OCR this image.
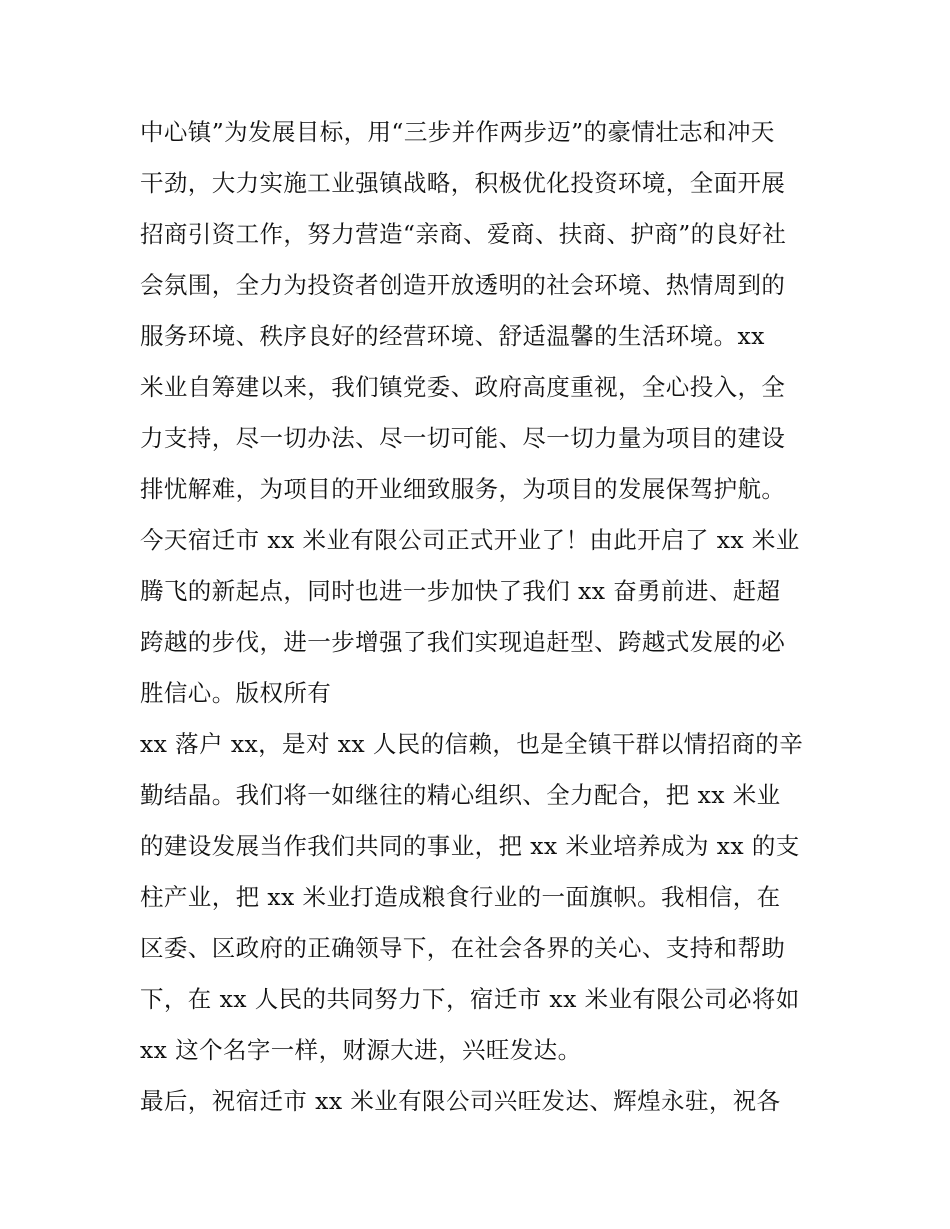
中心镇”为发展目标，用“三步并作两步迈”的豪情壮志和冲天
干劲，大力实施工业强镇战略，积极优化投资环境，全面开展
招商引资工作，努力营造“亲商、爱商、扶商、护商”的良好社
会氛围，全力为投资者创造开放透明的社会环境、热情周到的
服务环境、秩序良好的经营环境、舒适温馨的生活环境。xx
米业自筹建以来，我们镇党委、政府高度重视，全心投入，全
力支持，尽一切办法、尽一切可能、尽一切力量为项目的建设
排忧解难，为项目的开业细致服务，为项目的发展保驾护航。
今天宿迁市 xx 米业有限公司正式开业了！由此开启了 xx 米业
腾飞的新起点，同时也进一步加快了我们 xx 奋勇前进、赶超
跨越的步伐，进一步增强了我们实现追赶型、跨越式发展的必
胜信心。版权所有
xx 落户 xx，是对 xx 人民的信赖，也是全镇干群以情招商的辛
勤结晶。我们将一如继往的精心组织、全力配合，把 xx 米业
的建设发展当作我们共同的事业，把 xx 米业培养成为 xx 的支
柱产业，把 xx 米业打造成粮食行业的一面旗帜。我相信，在
区委、区政府的正确领导下，在社会各界的关心、支持和帮助
下，在 xx 人民的共同努力下，宿迁市 xx 米业有限公司必将如
xx 这个名字一样，财源大进，兴旺发达。
最后，祝宿迁市 xx 米业有限公司兴旺发达、辉煌永驻，祝各
